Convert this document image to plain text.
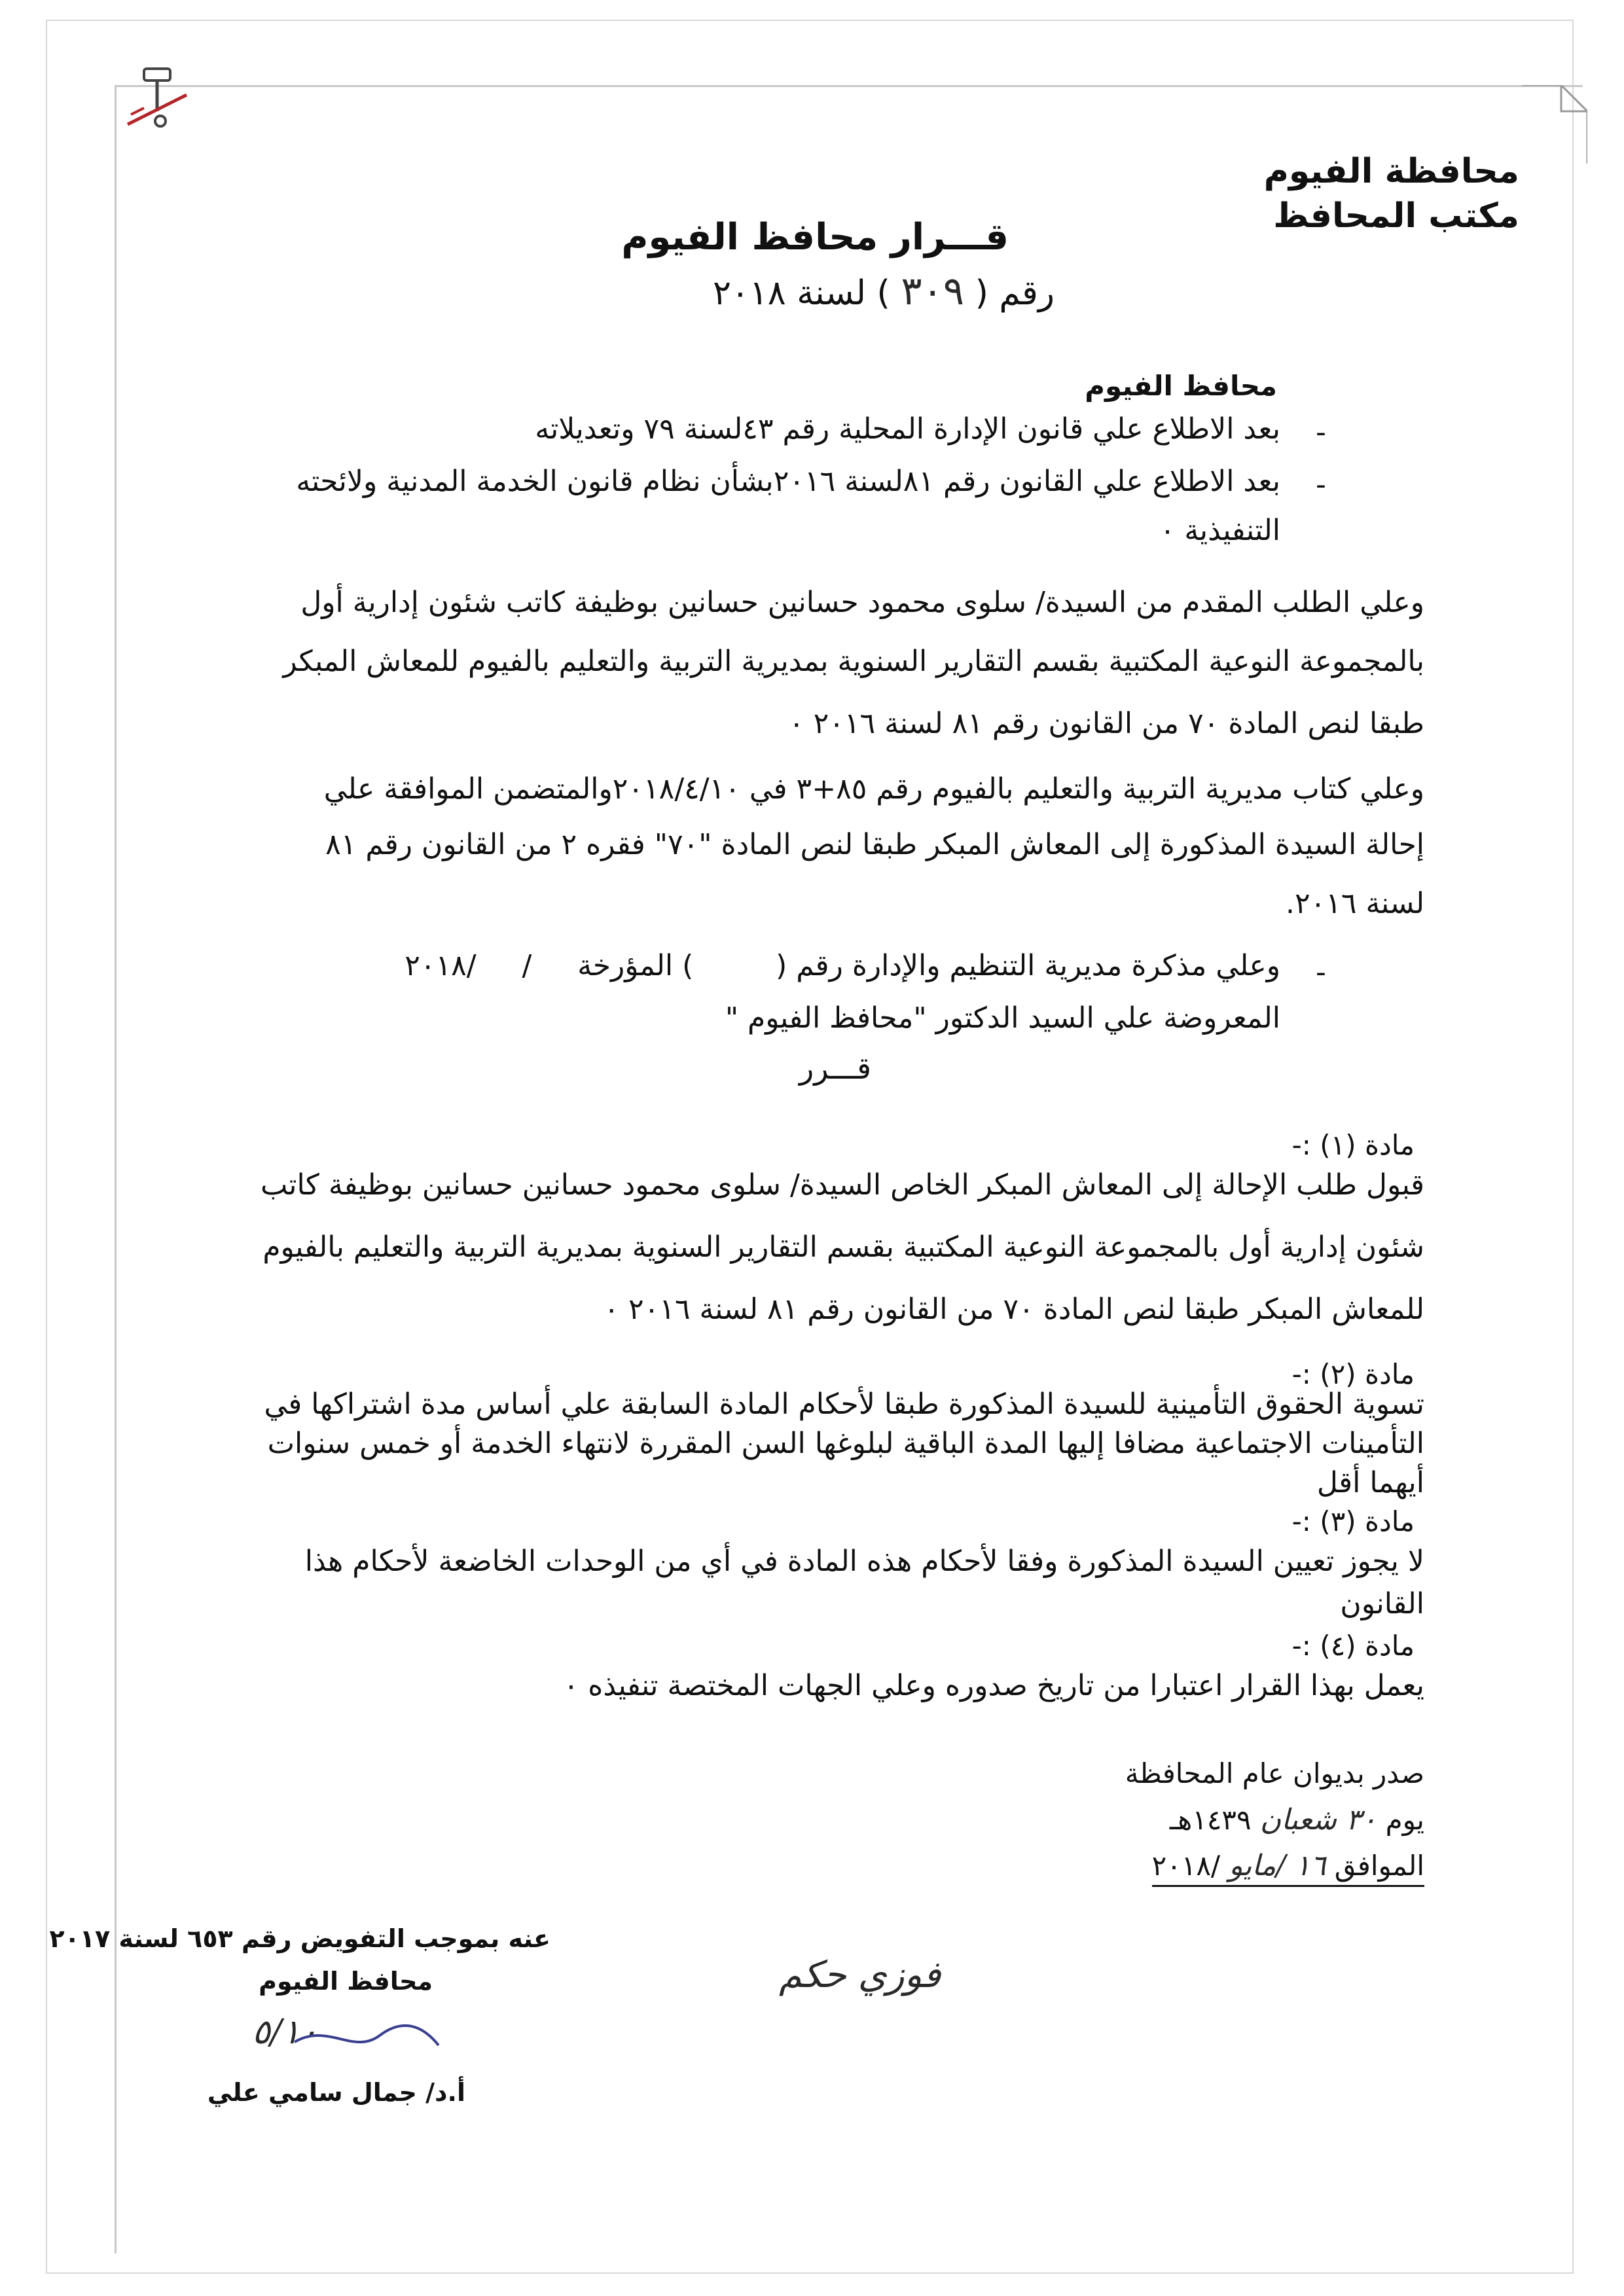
محافظة الفيوم
مكتب المحافظ
قـــرار محافظ الفيوم
رقم ( ٣٠٩ ) لسنة ٢٠١٨
محافظ الفيوم
-
بعد الاطلاع علي قانون الإدارة المحلية رقم ٤٣لسنة ٧٩ وتعديلاته
-
بعد الاطلاع علي القانون رقم ٨١لسنة ٢٠١٦بشأن نظام قانون الخدمة المدنية ولائحته
التنفيذية ٠
وعلي الطلب المقدم من السيدة/ سلوى محمود حسانين حسانين بوظيفة كاتب شئون إدارية أول
بالمجموعة النوعية المكتبية بقسم التقارير السنوية بمديرية التربية والتعليم بالفيوم للمعاش المبكر
طبقا لنص المادة ٧٠ من القانون رقم ٨١ لسنة ٢٠١٦ ٠
وعلي كتاب مديرية التربية والتعليم بالفيوم رقم ٨٥+٣ في ٢٠١٨/٤/١٠والمتضمن الموافقة علي
إحالة السيدة المذكورة إلى المعاش المبكر طبقا لنص المادة "٧٠" فقره ٢ من القانون رقم ٨١
لسنة ٢٠١٦.
-
وعلي مذكرة مديرية التنظيم والإدارة رقم (         ) المؤرخة     /     /٢٠١٨
المعروضة علي السيد الدكتور "محافظ الفيوم "
قـــرر
مادة (١) :-
قبول طلب الإحالة إلى المعاش المبكر الخاص السيدة/ سلوى محمود حسانين حسانين بوظيفة كاتب
شئون إدارية أول بالمجموعة النوعية المكتبية بقسم التقارير السنوية بمديرية التربية والتعليم بالفيوم
للمعاش المبكر طبقا لنص المادة ٧٠ من القانون رقم ٨١ لسنة ٢٠١٦ ٠
مادة (٢) :-
تسوية الحقوق التأمينية للسيدة المذكورة طبقا لأحكام المادة السابقة علي أساس مدة اشتراكها في
التأمينات الاجتماعية مضافا إليها المدة الباقية لبلوغها السن المقررة لانتهاء الخدمة أو خمس سنوات
أيهما أقل
مادة (٣) :-
لا يجوز تعيين السيدة المذكورة وفقا لأحكام هذه المادة في أي من الوحدات الخاضعة لأحكام هذا
القانون
مادة (٤) :-
يعمل بهذا القرار اعتبارا من تاريخ صدوره وعلي الجهات المختصة تنفيذه ٠
صدر بديوان عام المحافظة
يوم ٣٠ شعبان ١٤٣٩هـ
الموافق ١٦ /مايو /٢٠١٨
عنه بموجب التفويض رقم ٦٥٣ لسنة ٢٠١٧
محافظ الفيوم
٥/١٠
أ.د/ جمال سامي علي
فوزي حكم
